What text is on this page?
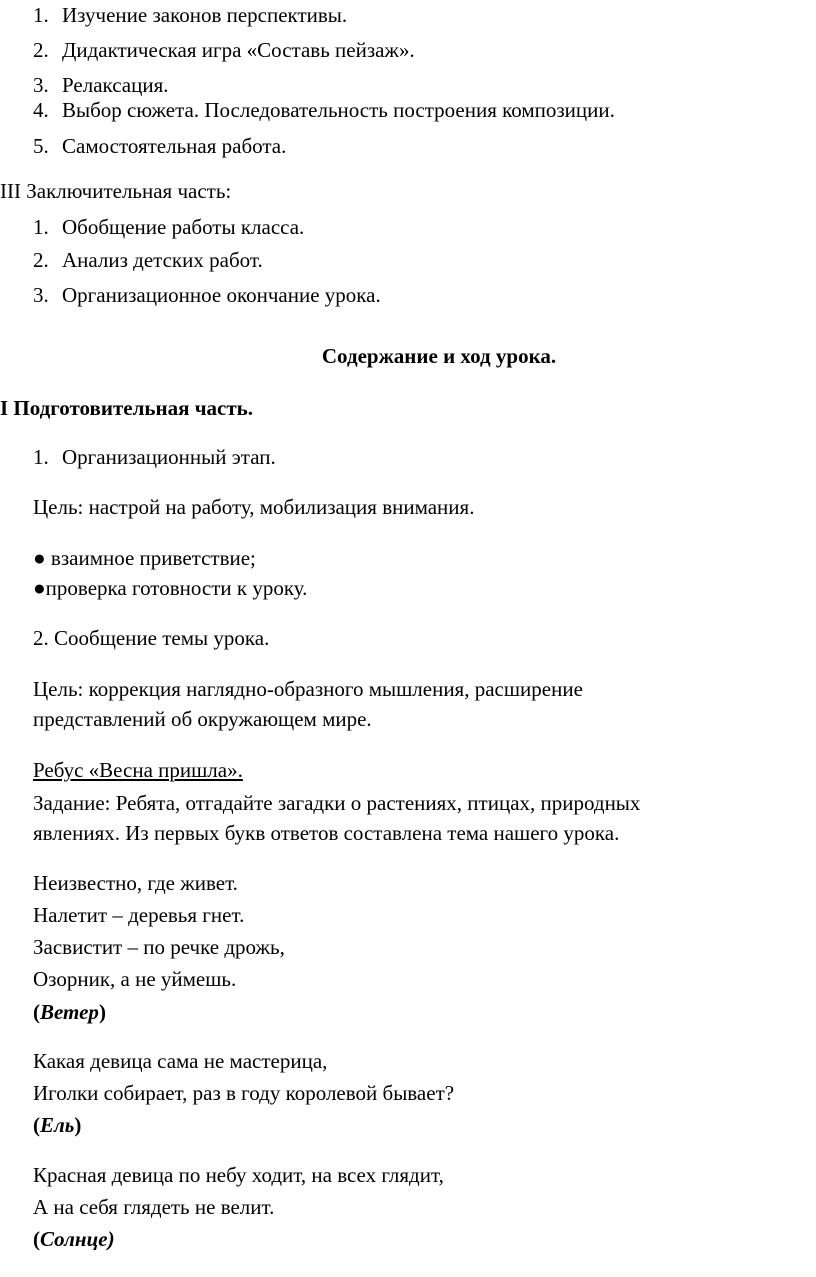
1. Изучение законов перспективы.
2. Дидактическая игра «Составь пейзаж».
3. Релаксация.
4. Выбор сюжета. Последовательность построения композиции.
5. Самостоятельная работа.
III Заключительная часть:
1. Обобщение работы класса.
2. Анализ детских работ.
3. Организационное окончание урока.
Содержание и ход урока.
I Подготовительная часть.
1. Организационный этап.
Цель: настрой на работу, мобилизация внимания.
● взаимное приветствие;
●проверка готовности к уроку.
2. Сообщение темы урока.
Цель: коррекция наглядно-образного мышления, расширение
представлений об окружающем мире.
Ребус «Весна пришла».
Задание: Ребята, отгадайте загадки о растениях, птицах, природных
явлениях. Из первых букв ответов составлена тема нашего урока.
Неизвестно, где живет.
Налетит – деревья гнет.
Засвистит – по речке дрожь,
Озорник, а не уймешь.
(Ветер)
Какая девица сама не мастерица,
Иголки собирает, раз в году королевой бывает?
(Ель)
Красная девица по небу ходит, на всех глядит,
А на себя глядеть не велит.
(Солнце)
